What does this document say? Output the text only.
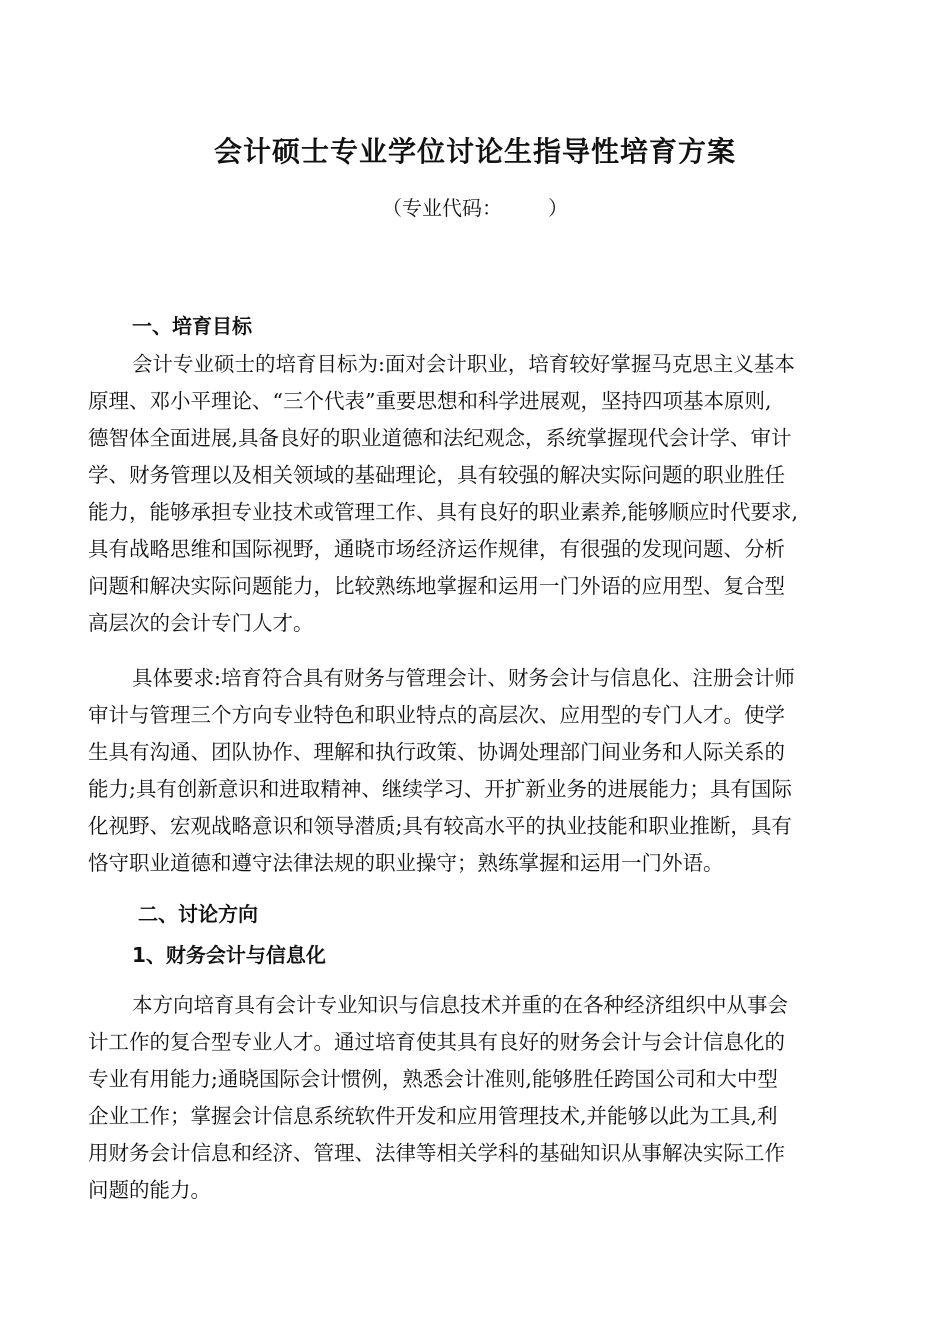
会计硕士专业学位讨论生指导性培育方案
（专业代码： ）
一、培育目标
会计专业硕士的培育目标为:面对会计职业，培育较好掌握马克思主义基本
原理、邓小平理论、“三个代表”重要思想和科学进展观，坚持四项基本原则,
德智体全面进展,具备良好的职业道德和法纪观念，系统掌握现代会计学、审计
学、财务管理以及相关领域的基础理论，具有较强的解决实际问题的职业胜任
能力，能够承担专业技术或管理工作、具有良好的职业素养,能够顺应时代要求,
具有战略思维和国际视野，通晓市场经济运作规律，有很强的发现问题、分析
问题和解决实际问题能力，比较熟练地掌握和运用一门外语的应用型、复合型
高层次的会计专门人才。
具体要求:培育符合具有财务与管理会计、财务会计与信息化、注册会计师
审计与管理三个方向专业特色和职业特点的高层次、应用型的专门人才。使学
生具有沟通、团队协作、理解和执行政策、协调处理部门间业务和人际关系的
能力;具有创新意识和进取精神、继续学习、开扩新业务的进展能力；具有国际
化视野、宏观战略意识和领导潜质;具有较高水平的执业技能和职业推断，具有
恪守职业道德和遵守法律法规的职业操守；熟练掌握和运用一门外语。
二、讨论方向
1、财务会计与信息化
本方向培育具有会计专业知识与信息技术并重的在各种经济组织中从事会
计工作的复合型专业人才。通过培育使其具有良好的财务会计与会计信息化的
专业有用能力;通晓国际会计惯例，熟悉会计准则,能够胜任跨国公司和大中型
企业工作；掌握会计信息系统软件开发和应用管理技术,并能够以此为工具,利
用财务会计信息和经济、管理、法律等相关学科的基础知识从事解决实际工作
问题的能力。
